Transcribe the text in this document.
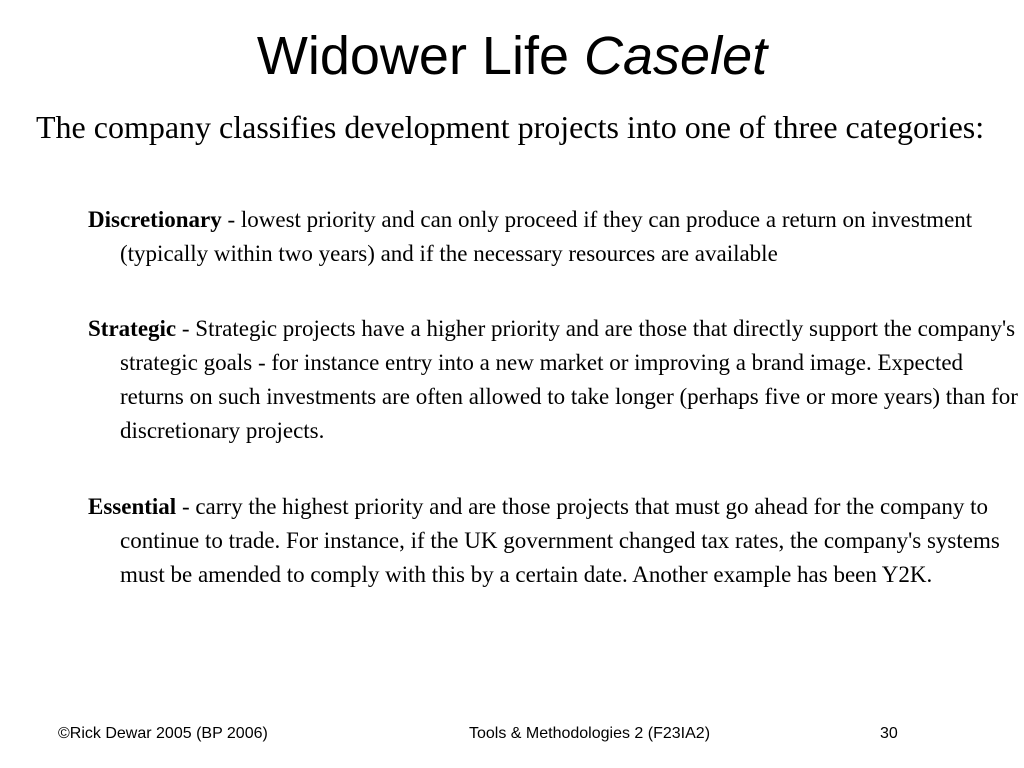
Widower Life Caselet
The company classifies development projects into one of three categories:
Discretionary - lowest priority and can only proceed if they can produce a return on investment (typically within two years) and if the necessary resources are available
Strategic - Strategic projects have a higher priority and are those that directly support the company's strategic goals - for instance entry into a new market or improving a brand image. Expected returns on such investments are often allowed to take longer (perhaps five or more years) than for discretionary projects.
Essential - carry the highest priority and are those projects that must go ahead for the company to continue to trade. For instance, if the UK government changed tax rates, the company's systems must be amended to comply with this by a certain date. Another example has been Y2K.
©Rick Dewar 2005 (BP 2006)	Tools & Methodologies 2 (F23IA2)	30
